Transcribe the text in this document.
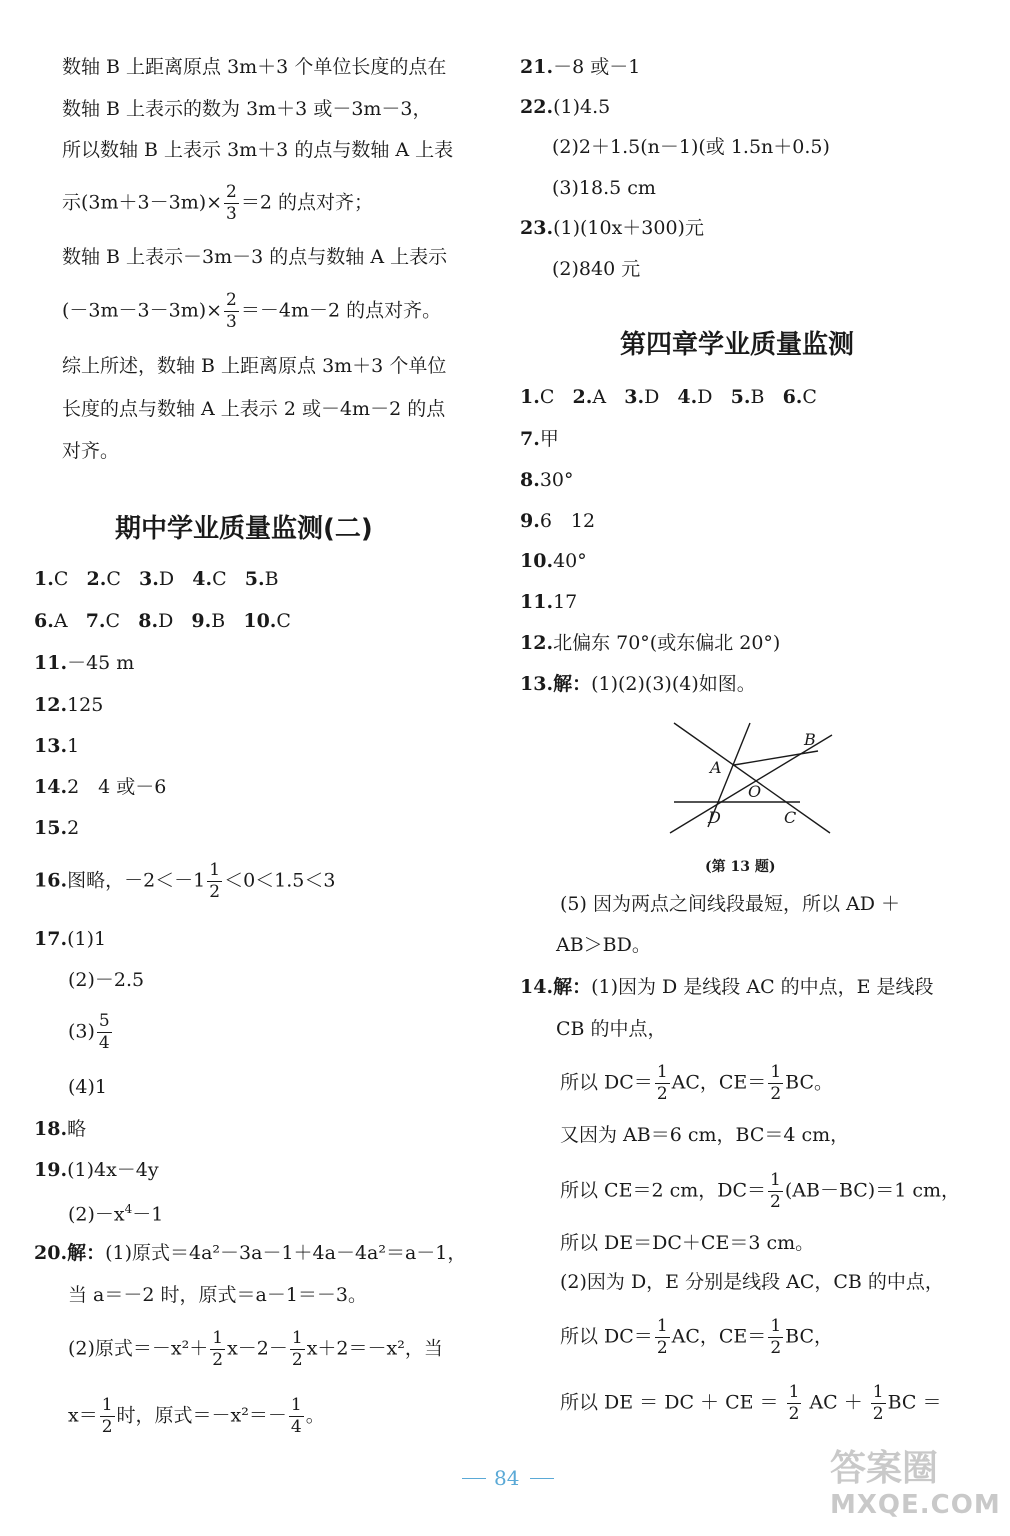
数轴 B 上距离原点 3m＋3 个单位长度的点在
数轴 B 上表示的数为 3m＋3 或－3m－3，
所以数轴 B 上表示 3m＋3 的点与数轴 A 上表
示$(3m+3-3m)\times \frac{2}{3} =2$ 的点对齐；
数轴 B 上表示－3m－3 的点与数轴 A 上表示
$(-3m-3-3m)\times \frac{2}{3} =-4m-2$ 的点对齐。
综上所述，数轴 B 上距离原点 3m＋3 个单位
长度的点与数轴 A 上表示 2 或－4m－2 的点
对齐。
期中学业质量监测(二)
1.C 2.C 3.D 4.C 5.B
6.A 7.C 8.D 9.B 10.C
11.－45 m
12.125
13.1
14.2　4 或－6
15.2
16.图略，$-2<-1 \frac{1}{2} <0<1.5<3$
17.(1)1
(2)－2.5
$(3) \frac{5}{4}$
(4)1
18.略
19.(1)4x－4y
$(2)-x^4-1$
20.解：(1)原式＝4a²－3a－1＋4a－4a²＝a－1，
当 a＝－2 时，原式＝a－1＝－3。
(2)原式$=-x^2+ \frac{1}{2} x-2- \frac{1}{2} x+2=-x^2$，当
$x= \frac{1}{2}$ 时，原式$=-x^2=- \frac{1}{4}$ 。
21.－8 或－1
22.(1)4.5
(2)2＋1.5(n－1)(或 1.5n＋0.5)
(3)18.5 cm
23.(1)(10x＋300)元
(2)840 元
第四章学业质量监测
1.C 2.A 3.D 4.D 5.B 6.C
7.甲
8.30°
9.6　12
10.40°
11.17
12.北偏东 70°(或东偏北 20°)
13.解：(1)(2)(3)(4)如图。
A
B
O
D	C
(第 13 题)
(5) 因为两点之间线段最短，所以 AD ＋
AB＞BD。
14.解：(1)因为 D 是线段 AC 的中点，E 是线段
CB 的中点，
所以 $DC= \frac{1}{2}$ AC，$CE= \frac{1}{2}$ BC。
又因为 AB＝6 cm，BC＝4 cm，
所以 CE＝2 cm，$DC= \frac{1}{2} (AB-BC)=1$ cm，
所以 DE＝DC＋CE＝3 cm。
(2)因为 D，E 分别是线段 AC，CB 的中点，
所以 $DC= \frac{1}{2}$ AC，$CE= \frac{1}{2}$ BC，
所以 DE ＝ DC ＋ CE ＝ $\frac{1}{2}$ AC ＋ $\frac{1}{2}$ BC ＝
84	答案圈
MXQE.COM
